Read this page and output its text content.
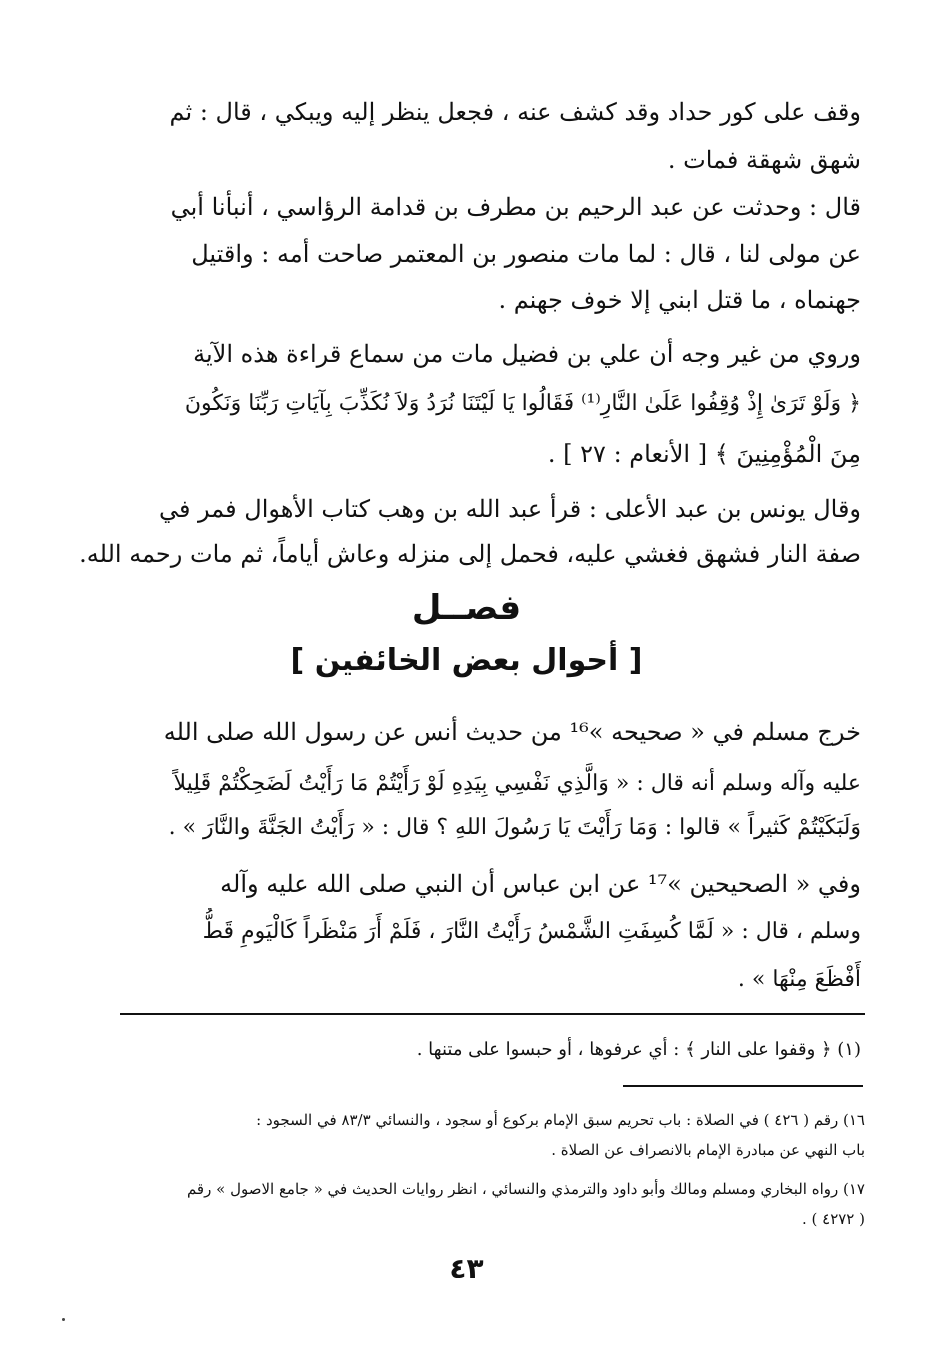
وقف على كور حداد وقد كشف عنه ، فجعل ينظر إليه ويبكي ، قال : ثم
شهق شهقة فمات .
قال : وحدثت عن عبد الرحيم بن مطرف بن قدامة الرؤاسي ، أنبأنا أبي
عن مولى لنا ، قال : لما مات منصور بن المعتمر صاحت أمه : واقتيل
جهنماه ، ما قتل ابني إلا خوف جهنم .
وروي من غير وجه أن علي بن فضيل مات من سماع قراءة هذه الآية
﴿ وَلَوْ تَرَىٰ إِذْ وُقِفُوا عَلَىٰ النَّارِ⁽¹⁾ فَقَالُوا يَا لَيْتَنَا نُرَدُ وَلاَ نُكَذِّبَ بِآيَاتِ رَبِّنَا وَنَكُونَ
مِنَ الْمُؤْمِنِينَ ﴾ [ الأنعام : ٢٧ ] .
وقال يونس بن عبد الأعلى : قرأ عبد الله بن وهب كتاب الأهوال فمر في
صفة النار فشهق فغشي عليه، فحمل إلى منزله وعاش أياماً، ثم مات رحمه الله.
فصــل
[ أحوال بعض الخائفين ]
خرج مسلم في « صحيحه »¹⁶ من حديث أنس عن رسول الله صلى الله
عليه وآله وسلم أنه قال : « وَالَّذِي نَفْسِي بِيَدِهِ لَوْ رَأَيْتُمْ مَا رَأَيْتُ لَضَحِكْتُمْ قَلِيلاً
وَلَبَكَيْتُمْ كَثيراً » قالوا : وَمَا رَأَيْتَ يَا رَسُولَ اللهِ ؟ قال : « رَأَيْتُ الجَنَّةَ والنَّارَ » .
وفي « الصحيحين »¹⁷ عن ابن عباس أن النبي صلى الله عليه وآله
وسلم ، قال : « لَمَّا كُسِفَتِ الشَّمْسُ رَأَيْتُ النَّارَ ، فَلَمْ أَرَ مَنْظَراً كَالْيَومِ قَطُّ
أَفْظَعَ مِنْهَا » .
(١) ﴿ وقفوا على النار ﴾ : أي عرفوها ، أو حبسوا على متنها .
١٦) رقم ( ٤٢٦ ) في الصلاة : باب تحريم سبق الإمام بركوع أو سجود ، والنسائي ٨٣/٣ في السجود :
باب النهي عن مبادرة الإمام بالانصراف عن الصلاة .
١٧) رواه البخاري ومسلم ومالك وأبو داود والترمذي والنسائي ، انظر روايات الحديث في « جامع الاصول » رقم
( ٤٢٧٢ ) .
٤٣
